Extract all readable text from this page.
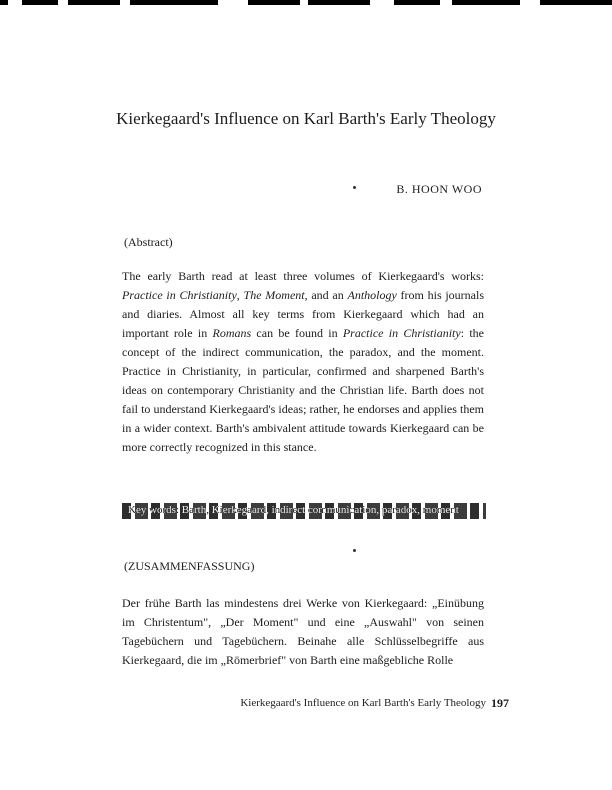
Kierkegaard's Influence on Karl Barth's Early Theology
B. HOON WOO
(Abstract)

The early Barth read at least three volumes of Kierkegaard's works: Practice in Christianity, The Moment, and an Anthology from his journals and diaries. Almost all key terms from Kierkegaard which had an important role in Romans can be found in Practice in Christianity: the concept of the indirect communication, the paradox, and the moment. Practice in Christianity, in particular, confirmed and sharpened Barth's ideas on contemporary Christianity and the Christian life. Barth does not fail to understand Kierkegaard's ideas; rather, he endorses and applies them in a wider context. Barth's ambivalent attitude towards Kierkegaard can be more correctly recognized in this stance.

Key words: Barth, Kierkegaard, indirect communication, paradox, moment
(ZUSAMMENFASSUNG)

Der frühe Barth las mindestens drei Werke von Kierkegaard: „Einübung im Christentum", „Der Moment" und eine „Auswahl" von seinen Tagebüchern und Tagebüchern. Beinahe alle Schlüsselbegriffe aus Kierkegaard, die im „Römerbrief" von Barth eine maßgebliche Rolle

Kierkegaard's Influence on Karl Barth's Early Theology 197
